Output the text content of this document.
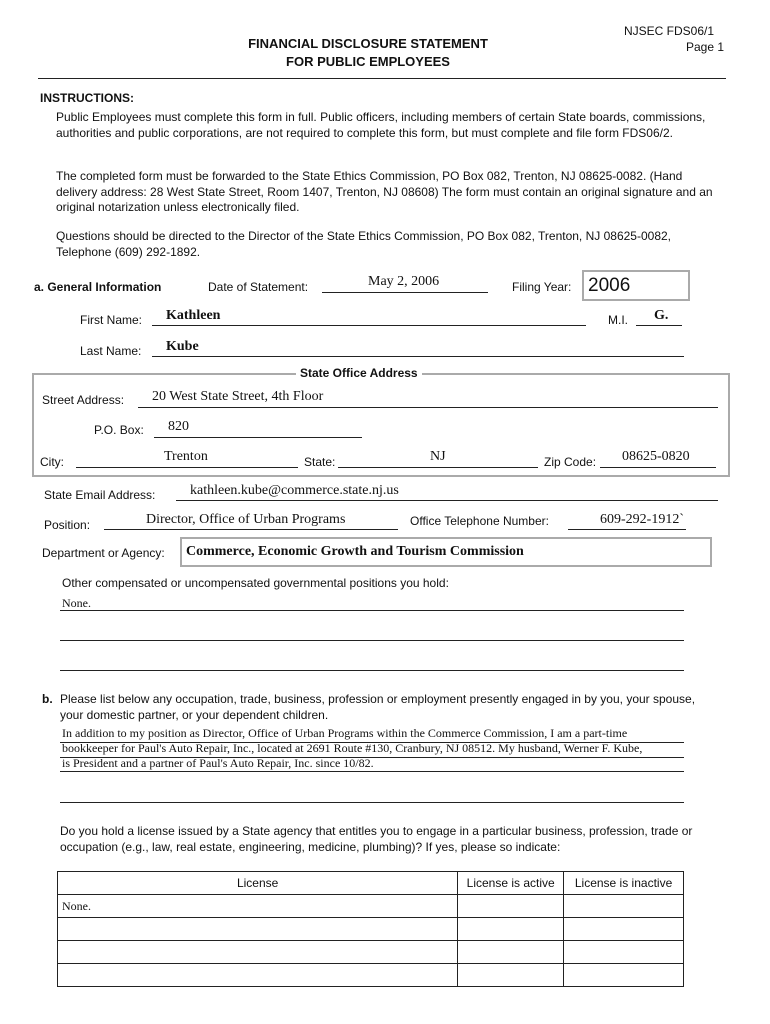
NJSEC FDS06/1
Page 1
FINANCIAL DISCLOSURE STATEMENT
FOR PUBLIC EMPLOYEES
INSTRUCTIONS:
Public Employees must complete this form in full. Public officers, including members of certain State boards, commissions, authorities and public corporations, are not required to complete this form, but must complete and file form FDS06/2.
The completed form must be forwarded to the State Ethics Commission, PO Box 082, Trenton, NJ 08625-0082. (Hand delivery address: 28 West State Street, Room 1407, Trenton, NJ 08608) The form must contain an original signature and an original notarization unless electronically filed.
Questions should be directed to the Director of the State Ethics Commission, PO Box 082, Trenton, NJ 08625-0082, Telephone (609) 292-1892.
a. General Information	Date of Statement:	May 2, 2006	Filing Year: 2006
First Name: Kathleen	M.I. G.
Last Name: Kube
State Office Address
Street Address: 20 West State Street, 4th Floor
P.O. Box: 820
City:	Trenton	State:	NJ	Zip Code: 08625-0820
State Email Address: kathleen.kube@commerce.state.nj.us
Position:	Director, Office of Urban Programs	Office Telephone Number:	609-292-1912`
Department or Agency: Commerce, Economic Growth and Tourism Commission
Other compensated or uncompensated governmental positions you hold:
None.
b. Please list below any occupation, trade, business, profession or employment presently engaged in by you, your spouse, your domestic partner, or your dependent children.
In addition to my position as Director, Office of Urban Programs within the Commerce Commission, I am a part-time
bookkeeper for Paul's Auto Repair, Inc., located at 2691 Route #130, Cranbury, NJ 08512. My husband, Werner F. Kube,
is President and a partner of Paul's Auto Repair, Inc. since 10/82.
Do you hold a license issued by a State agency that entitles you to engage in a particular business, profession, trade or occupation (e.g., law, real estate, engineering, medicine, plumbing)? If yes, please so indicate:
License	License is active	License is inactive
None.		
